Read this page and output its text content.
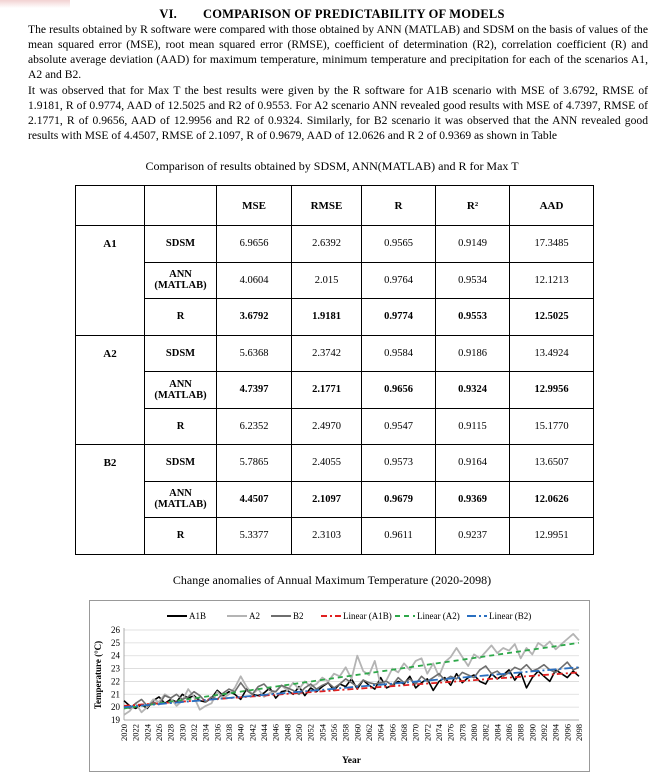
VI. COMPARISON OF PREDICTABILITY OF MODELS

The results obtained by R software were compared with those obtained by ANN (MATLAB) and SDSM on the basis of values of the mean squared error (MSE), root mean squared error (RMSE), coefficient of determination (R2), correlation coefficient (R) and absolute average deviation (AAD) for maximum temperature, minimum temperature and precipitation for each of the scenarios A1, A2 and B2.

It was observed that for Max T the best results were given by the R software for A1B scenario with MSE of 3.6792, RMSE of 1.9181, R of 0.9774, AAD of 12.5025 and R2 of 0.9553. For A2 scenario ANN revealed good results with MSE of 4.7397, RMSE of 2.1771, R of 0.9656, AAD of 12.9956 and R2 of 0.9324. Similarly, for B2 scenario it was observed that the ANN revealed good results with MSE of 4.4507, RMSE of 2.1097, R of 0.9679, AAD of 12.0626 and R 2 of 0.9369 as shown in Table

Comparison of results obtained by SDSM, ANN(MATLAB) and R for Max T
		MSE	RMSE	R	R²	AAD
A1	SDSM	6.9656	2.6392	0.9565	0.9149	17.3485
	ANN (MATLAB)	4.0604	2.015	0.9764	0.9534	12.1213
	R	3.6792	1.9181	0.9774	0.9553	12.5025
A2	SDSM	5.6368	2.3742	0.9584	0.9186	13.4924
	ANN (MATLAB)	4.7397	2.1771	0.9656	0.9324	12.9956
	R	6.2352	2.4970	0.9547	0.9115	15.1770
B2	SDSM	5.7865	2.4055	0.9573	0.9164	13.6507
	ANN (MATLAB)	4.4507	2.1097	0.9679	0.9369	12.0626
	R	5.3377	2.3103	0.9611	0.9237	12.9951
Change anomalies of Annual Maximum Temperature (2020-2098)
19
20
21
22
23
24
25
26
2020 2022 2024 2026 2028 2030 2032 2034 2036 2038 2040 2042 2044 2046 2048 2050 2052 2054 2056 2058 2060 2062 2064 2066 2068 2070 2072 2074 2076 2078 2080 2082 2084 2086 2088 2090 2092 2094 2096 2098
Year
Temperature (°C)
A1B	A2	B2	Linear (A1B)	Linear (A2)	Linear (B2)
